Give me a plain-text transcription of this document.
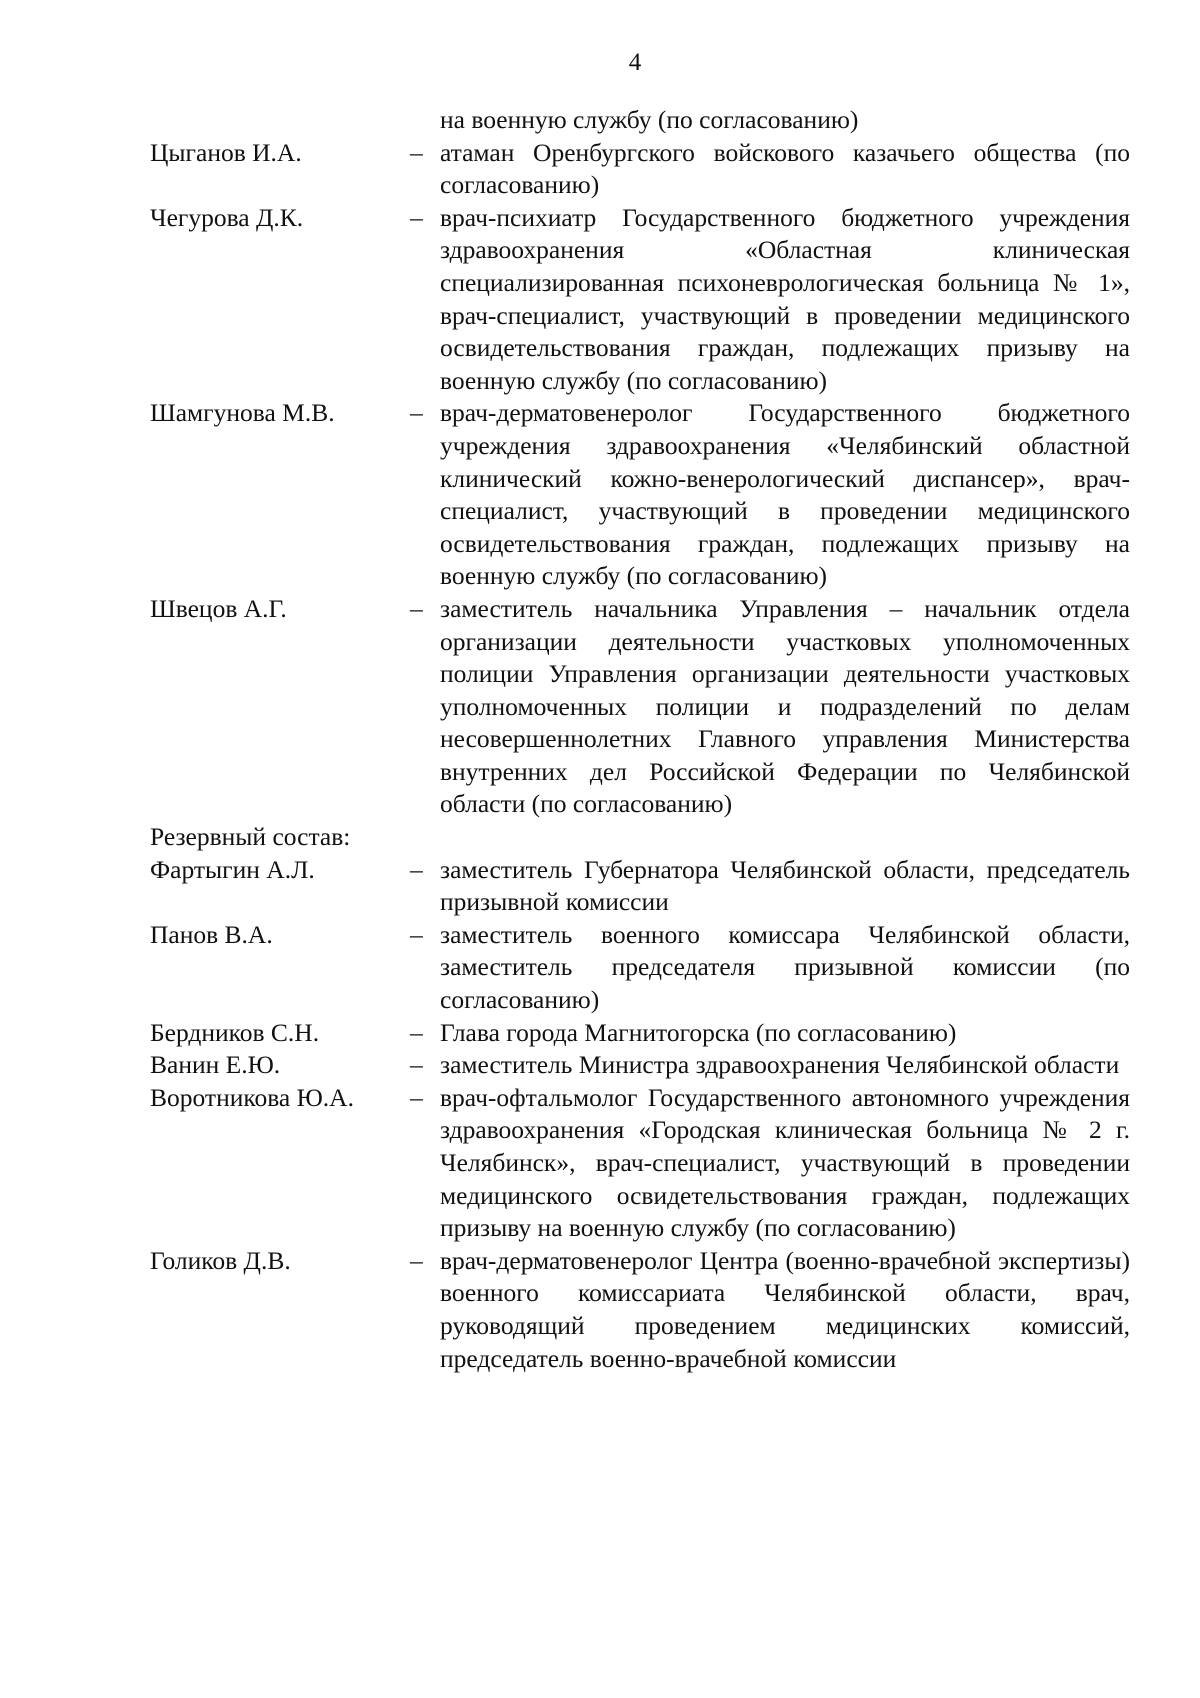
4
на военную службу (по согласованию)
Цыганов И.А.	– атаман Оренбургского войскового казачьего общества (по согласованию)
Чегурова Д.К.	– врач-психиатр Государственного бюджетного учреждения здравоохранения «Областная клиническая специализированная психоневрологическая больница № 1», врач-специалист, участвующий в проведении медицинского освидетельствования граждан, подлежащих призыву на военную службу (по согласованию)
Шамгунова М.В.	– врач-дерматовенеролог Государственного бюджетного учреждения здравоохранения «Челябинский областной клинический кожно-венерологический диспансер», врач-специалист, участвующий в проведении медицинского освидетельствования граждан, подлежащих призыву на военную службу (по согласованию)
Швецов А.Г.	– заместитель начальника Управления – начальник отдела организации деятельности участковых уполномоченных полиции Управления организации деятельности участковых уполномоченных полиции и подразделений по делам несовершеннолетних Главного управления Министерства внутренних дел Российской Федерации по Челябинской области (по согласованию)
Резервный состав:
Фартыгин А.Л.	– заместитель Губернатора Челябинской области, председатель призывной комиссии
Панов В.А.	– заместитель военного комиссара Челябинской области, заместитель председателя призывной комиссии (по согласованию)
Бердников С.Н.	– Глава города Магнитогорска (по согласованию)
Ванин Е.Ю.	– заместитель Министра здравоохранения Челябинской области
Воротникова Ю.А.	– врач-офтальмолог Государственного автономного учреждения здравоохранения «Городская клиническая больница № 2 г. Челябинск», врач-специалист, участвующий в проведении медицинского освидетельствования граждан, подлежащих призыву на военную службу (по согласованию)
Голиков Д.В.	– врач-дерматовенеролог Центра (военно-врачебной экспертизы) военного комиссариата Челябинской области, врач, руководящий проведением медицинских комиссий, председатель военно-врачебной комиссии
